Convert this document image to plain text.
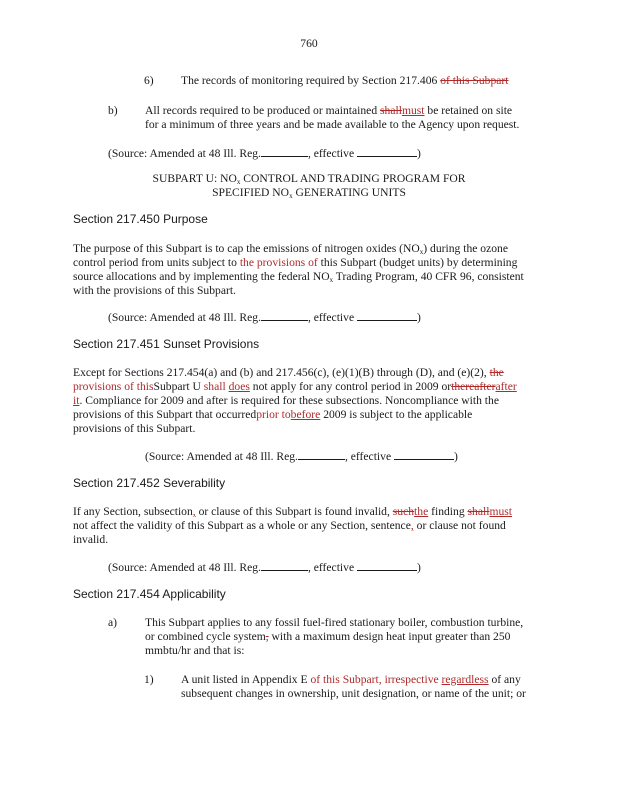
760
6) The records of monitoring required by Section 217.406 of this Subpart
b) All records required to be produced or maintained shallmust be retained on site
for a minimum of three years and be made available to the Agency upon request.
(Source: Amended at 48 Ill. Reg.	, effective	)
SUBPART U: $NO_x$ CONTROL AND TRADING PROGRAM FOR
SPECIFIED $NO_x$ GENERATING UNITS
Section 217.450 Purpose
The purpose of this Subpart is to cap the emissions of nitrogen oxides $(NO_x)$ during the ozone
control period from units subject to the provisions of this Subpart (budget units) by determining
source allocations and by implementing the federal $NO_x$ Trading Program, 40 CFR 96, consistent
with the provisions of this Subpart.
(Source: Amended at 48 Ill. Reg.	, effective	)
Section 217.451 Sunset Provisions
Except for Sections 217.454(a) and (b) and 217.456(c), (e)(1)(B) through (D), and (e)(2), the
provisions of thisSubpart U shall does not apply for any control period in 2009 orthereafterafter
it. Compliance for 2009 and after is required for these subsections. Noncompliance with the
provisions of this Subpart that occurredprior tobefore 2009 is subject to the applicable
provisions of this Subpart.
(Source: Amended at 48 Ill. Reg.	, effective	)
Section 217.452 Severability
If any Section, subsection, or clause of this Subpart is found invalid, suchthe finding shallmust
not affect the validity of this Subpart as a whole or any Section, sentence, or clause not found
invalid.
(Source: Amended at 48 Ill. Reg.	, effective	)
Section 217.454 Applicability
a) This Subpart applies to any fossil fuel-fired stationary boiler, combustion turbine,
or combined cycle system, with a maximum design heat input greater than 250
mmbtu/hr and that is:
1) A unit listed in Appendix E of this Subpart, irrespective regardless of any
subsequent changes in ownership, unit designation, or name of the unit; or
